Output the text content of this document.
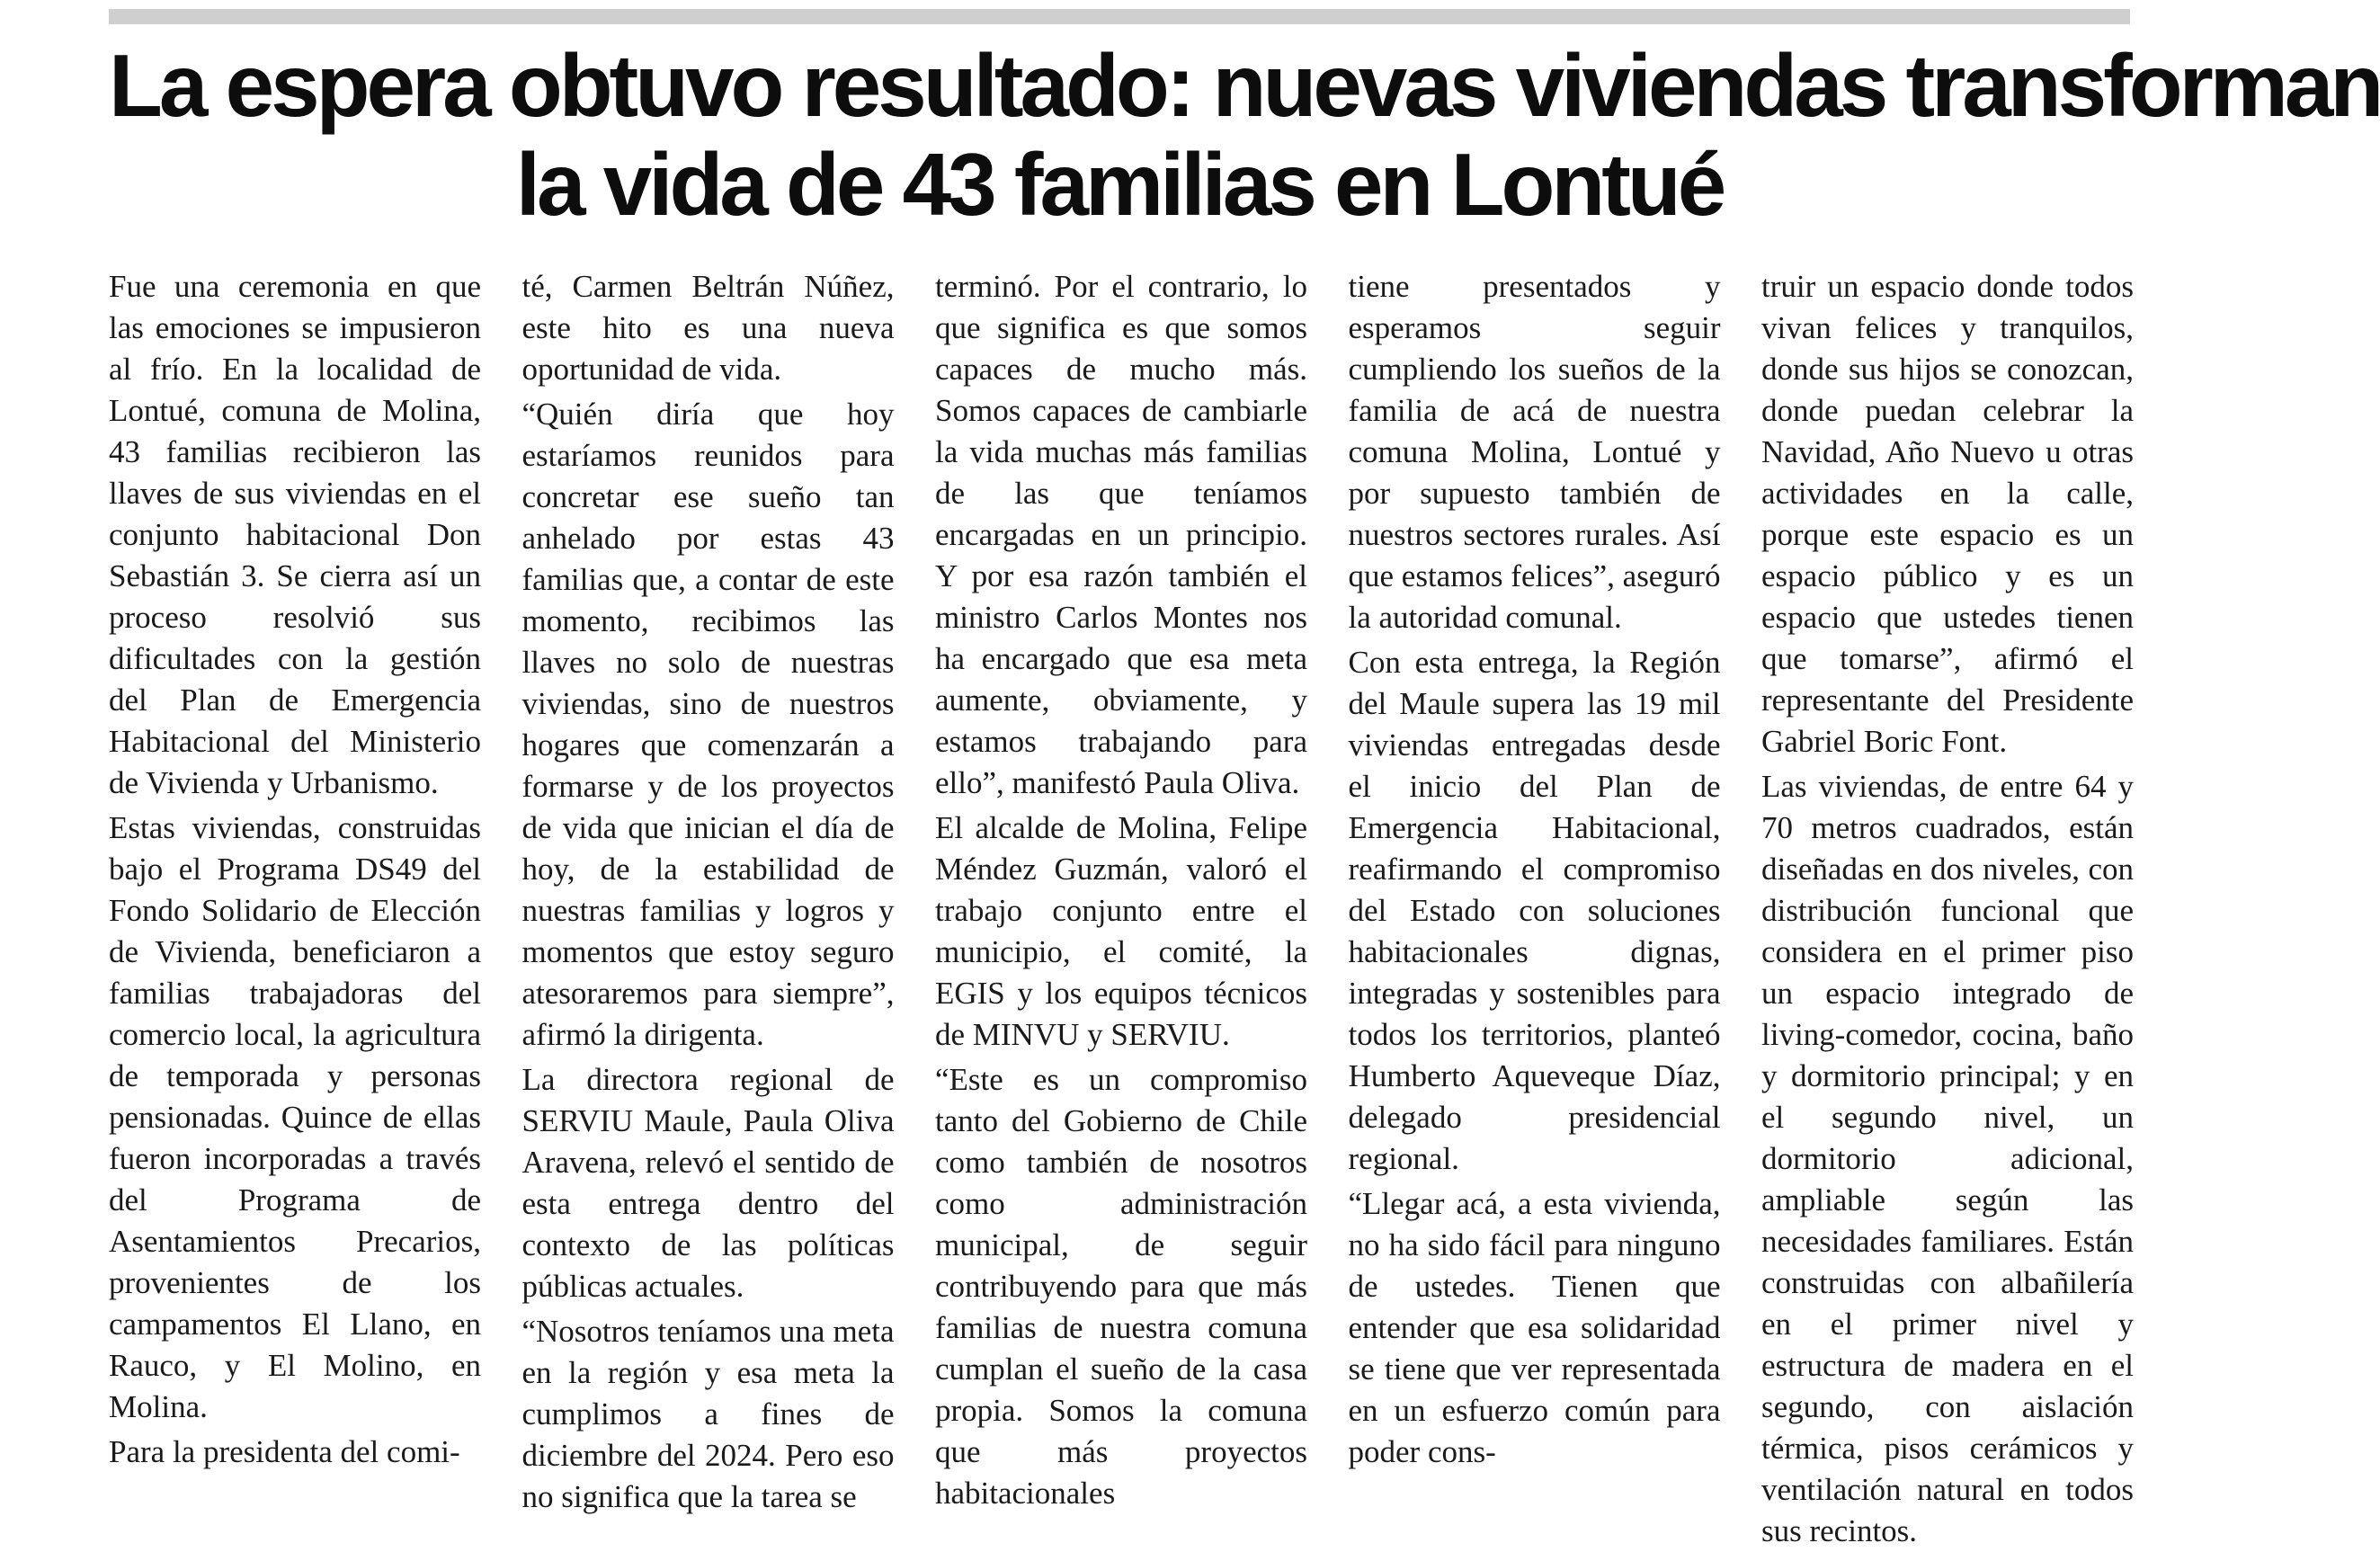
La espera obtuvo resultado: nuevas viviendas transforman
la vida de 43 familias en Lontué

Fue una ceremonia en que las emociones se impusieron al frío. En la localidad de Lontué, comuna de Molina, 43 familias recibieron las llaves de sus viviendas en el conjunto habitacional Don Sebastián 3. Se cierra así un proceso resolvió sus dificultades con la gestión del Plan de Emergencia Habitacional del Ministerio de Vivienda y Urbanismo.

Estas viviendas, construidas bajo el Programa DS49 del Fondo Solidario de Elección de Vivienda, beneficiaron a familias trabajadoras del comercio local, la agricultura de temporada y personas pensionadas. Quince de ellas fueron incorporadas a través del Programa de Asentamientos Precarios, provenientes de los campamentos El Llano, en Rauco, y El Molino, en Molina.

Para la presidenta del comi-

té, Carmen Beltrán Núñez, este hito es una nueva oportunidad de vida.

“Quién diría que hoy estaríamos reunidos para concretar ese sueño tan anhelado por estas 43 familias que, a contar de este momento, recibimos las llaves no solo de nuestras viviendas, sino de nuestros hogares que comenzarán a formarse y de los proyectos de vida que inician el día de hoy, de la estabilidad de nuestras familias y logros y momentos que estoy seguro atesoraremos para siempre”, afirmó la dirigenta.

La directora regional de SERVIU Maule, Paula Oliva Aravena, relevó el sentido de esta entrega dentro del contexto de las políticas públicas actuales.

“Nosotros teníamos una meta en la región y esa meta la cumplimos a fines de diciembre del 2024. Pero eso no significa que la tarea se

terminó. Por el contrario, lo que significa es que somos capaces de mucho más. Somos capaces de cambiarle la vida muchas más familias de las que teníamos encargadas en un principio. Y por esa razón también el ministro Carlos Montes nos ha encargado que esa meta aumente, obviamente, y estamos trabajando para ello”, manifestó Paula Oliva.

El alcalde de Molina, Felipe Méndez Guzmán, valoró el trabajo conjunto entre el municipio, el comité, la EGIS y los equipos técnicos de MINVU y SERVIU.

“Este es un compromiso tanto del Gobierno de Chile como también de nosotros como administración municipal, de seguir contribuyendo para que más familias de nuestra comuna cumplan el sueño de la casa propia. Somos la comuna que más proyectos habitacionales

tiene presentados y esperamos seguir cumpliendo los sueños de la familia de acá de nuestra comuna Molina, Lontué y por supuesto también de nuestros sectores rurales. Así que estamos felices”, aseguró la autoridad comunal.

Con esta entrega, la Región del Maule supera las 19 mil viviendas entregadas desde el inicio del Plan de Emergencia Habitacional, reafirmando el compromiso del Estado con soluciones habitacionales dignas, integradas y sostenibles para todos los territorios, planteó Humberto Aqueveque Díaz, delegado presidencial regional.

“Llegar acá, a esta vivienda, no ha sido fácil para ninguno de ustedes. Tienen que entender que esa solidaridad se tiene que ver representada en un esfuerzo común para poder cons-

truir un espacio donde todos vivan felices y tranquilos, donde sus hijos se conozcan, donde puedan celebrar la Navidad, Año Nuevo u otras actividades en la calle, porque este espacio es un espacio público y es un espacio que ustedes tienen que tomarse”, afirmó el representante del Presidente Gabriel Boric Font.

Las viviendas, de entre 64 y 70 metros cuadrados, están diseñadas en dos niveles, con distribución funcional que considera en el primer piso un espacio integrado de living-comedor, cocina, baño y dormitorio principal; y en el segundo nivel, un dormitorio adicional, ampliable según las necesidades familiares. Están construidas con albañilería en el primer nivel y estructura de madera en el segundo, con aislación térmica, pisos cerámicos y ventilación natural en todos sus recintos.
